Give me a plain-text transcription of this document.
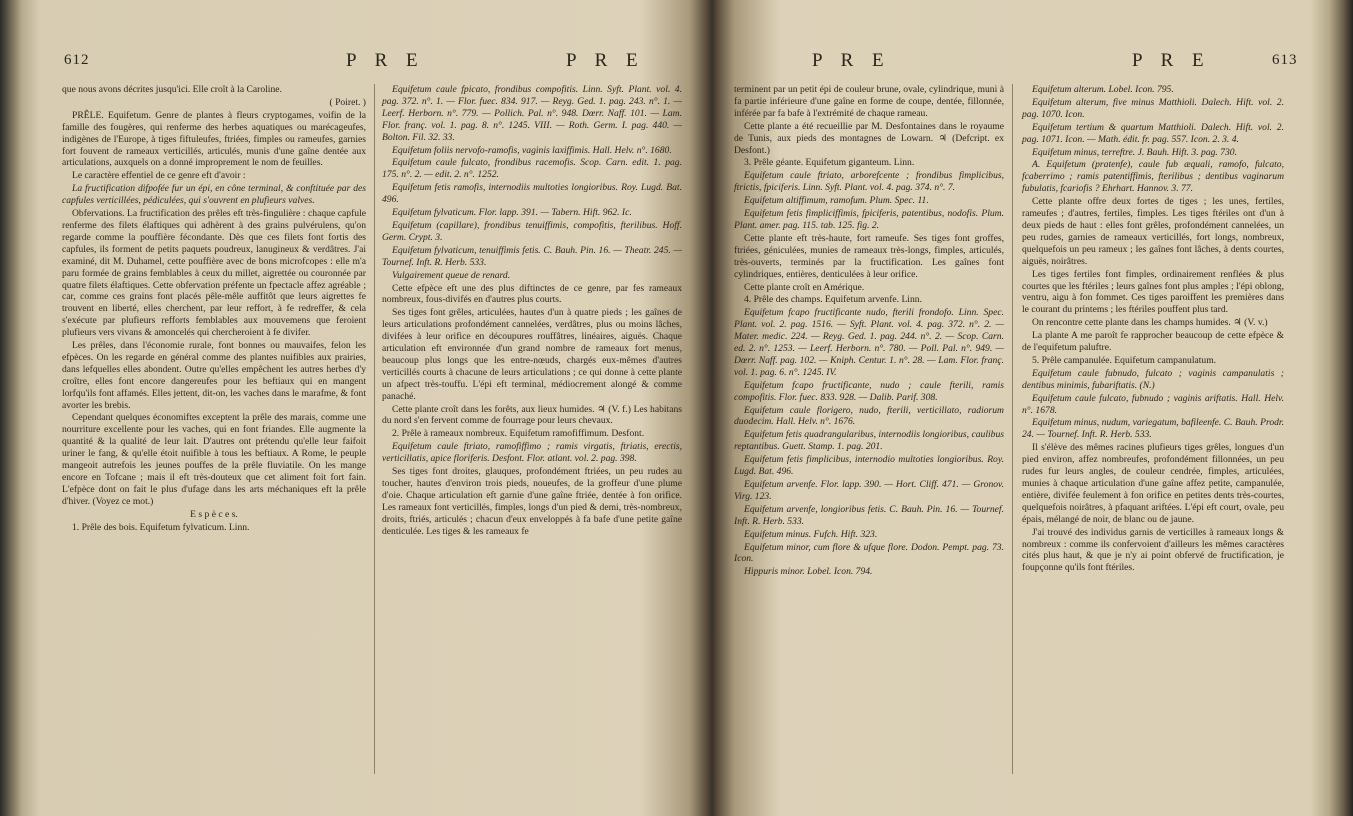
612	P R E	P R E

que nous avons décrites jusqu'ici. Elle croît à la Caroline.

( Poiret. )

PRÊLE. Equifetum. Genre de plantes à fleurs cryptogames, voifin de la famille des fougères, qui renferme des herbes aquatiques ou marécageufes, indigènes de l'Europe, à tiges fiftuleufes, ftriées, fimples ou rameufes, garnies fort fouvent de rameaux verticillés, articulés, munis d'une gaîne dentée aux articulations, auxquels on a donné improprement le nom de feuilles.

Le caractère effentiel de ce genre eft d'avoir :

La fructification difpofée fur un épi, en cône terminal, & conftituée par des capfules verticillées, pédiculées, qui s'ouvrent en plufieurs valves.

Obfervations. La fructification des prêles eft très-fingulière : chaque capfule renferme des filets élaftiques qui adhèrent à des grains pulvérulens, qu'on regarde comme la pouffière fécondante. Dès que ces filets font fortis des capfules, ils forment de petits paquets poudreux, lanugineux & verdâtres. J'ai examiné, dit M. Duhamel, cette pouffière avec de bons microfcopes : elle m'a paru formée de grains femblables à ceux du millet, aigrettée ou couronnée par quatre filets élaftiques. Cette obfervation préfente un fpectacle affez agréable ; car, comme ces grains font placés pêle-mêle auffitôt que leurs aigrettes fe trouvent en liberté, elles cherchent, par leur reffort, à fe redreffer, & cela s'exécute par plufieurs refforts femblables aux mouvemens que feroient plufieurs vers vivans & amoncelés qui chercheroient à fe divifer.

Les prêles, dans l'économie rurale, font bonnes ou mauvaifes, felon les efpèces. On les regarde en général comme des plantes nuifibles aux prairies, dans lefquelles elles abondent. Outre qu'elles empêchent les autres herbes d'y croître, elles font encore dangereufes pour les beftiaux qui en mangent lorfqu'ils font affamés. Elles jettent, dit-on, les vaches dans le marafme, & font avorter les brebis.

Cependant quelques économiftes exceptent la prêle des marais, comme une nourriture excellente pour les vaches, qui en font friandes. Elle augmente la quantité & la qualité de leur lait. D'autres ont prétendu qu'elle leur faifoit uriner le fang, & qu'elle étoit nuifible à tous les beftiaux. A Rome, le peuple mangeoit autrefois les jeunes pouffes de la prêle fluviatile. On les mange encore en Tofcane ; mais il eft très-douteux que cet aliment foit fort fain. L'efpèce dont on fait le plus d'ufage dans les arts méchaniques eft la prêle d'hiver. (Voyez ce mot.)

E s p è c e s.

1. Prêle des bois. Equifetum fylvaticum. Linn.

Equifetum caule fpicato, frondibus compofitis. Linn. Syft. Plant. vol. 4. pag. 372. n°. 1. — Flor. fuec. 834. 917. — Reyg. Ged. 1. pag. 243. n°. 1. — Leerf. Herborn. n°. 779. — Pollich. Pal. n°. 948. Dœrr. Naff. 101. — Lam. Flor. franç. vol. 1. pag. 8. n°. 1245. VIII. — Roth. Germ. I. pag. 440. — Bolton. Fil. 32. 33.

Equifetum foliis nervofo-ramofis, vaginis laxiffimis. Hall. Helv. n°. 1680.

Equifetum caule fulcato, frondibus racemofis. Scop. Carn. edit. 1. pag. 175. n°. 2. — edit. 2. n°. 1252.

Equifetum fetis ramofis, internodiis multoties longioribus. Roy. Lugd. Bat. 496.

Equifetum fylvaticum. Flor. lapp. 391. — Tabern. Hift. 962. Ic.

Equifetum (capillare), frondibus tenuiffimis, compofitis, fterilibus. Hoff. Germ. Crypt. 3.

Equifetum fylvaticum, tenuiffimis fetis. C. Bauh. Pin. 16. — Theatr. 245. — Tournef. Inft. R. Herb. 533.

Vulgairement queue de renard.

Cette efpèce eft une des plus diftinctes de ce genre, par fes rameaux nombreux, fous-divifés en d'autres plus courts.

Ses tiges font grêles, articulées, hautes d'un à quatre pieds ; les gaînes de leurs articulations profondément cannelées, verdâtres, plus ou moins lâches, divifées à leur orifice en découpures rouffâtres, linéaires, aiguës. Chaque articulation eft environnée d'un grand nombre de rameaux fort menus, beaucoup plus longs que les entre-nœuds, chargés eux-mêmes d'autres verticillés courts à chacune de leurs articulations ; ce qui donne à cette plante un afpect très-touffu. L'épi eft terminal, médiocrement alongé & comme panaché.

Cette plante croît dans les forêts, aux lieux humides. ♃ (V. f.) Les habitans du nord s'en fervent comme de fourrage pour leurs chevaux.

2. Prêle à rameaux nombreux. Equifetum ramofiffimum. Desfont.

Equifetum caule ftriato, ramofiffimo ; ramis virgatis, ftriatis, erectis, verticillatis, apice floriferis. Desfont. Flor. atlant. vol. 2. pag. 398.

Ses tiges font droites, glauques, profondément ftriées, un peu rudes au toucher, hautes d'environ trois pieds, noueufes, de la groffeur d'une plume d'oie. Chaque articulation eft garnie d'une gaîne ftriée, dentée à fon orifice. Les rameaux font verticillés, fimples, longs d'un pied & demi, très-nombreux, droits, ftriés, articulés ; chacun d'eux enveloppés à fa bafe d'une petite gaîne denticulée. Les tiges & les rameaux fe

P R E	P R E	613

terminent par un petit épi de couleur brune, ovale, cylindrique, muni à fa partie inférieure d'une gaîne en forme de coupe, dentée, fillonnée, inférée par fa bafe à l'extrémité de chaque rameau.

Cette plante a été recueillie par M. Desfontaines dans le royaume de Tunis, aux pieds des montagnes de Lowarn. ♃ (Defcript. ex Desfont.)

3. Prêle géante. Equifetum giganteum. Linn.

Equifetum caule ftriato, arborefcente ; frondibus fimplicibus, ftrictis, fpiciferis. Linn. Syft. Plant. vol. 4. pag. 374. n°. 7.

Equifetum altiffimum, ramofum. Plum. Spec. 11.

Equifetum fetis fimpliciffimis, fpiciferis, patentibus, nodofis. Plum. Plant. amer. pag. 115. tab. 125. fig. 2.

Cette plante eft très-haute, fort rameufe. Ses tiges font groffes, ftriées, géniculées, munies de rameaux très-longs, fimples, articulés, très-ouverts, terminés par la fructification. Les gaînes font cylindriques, entières, denticulées à leur orifice.

Cette plante croît en Amérique.

4. Prêle des champs. Equifetum arvenfe. Linn.

Equifetum fcapo fructificante nudo, fterili frondofo. Linn. Spec. Plant. vol. 2. pag. 1516. — Syft. Plant. vol. 4. pag. 372. n°. 2. — Mater. medic. 224. — Reyg. Ged. 1. pag. 244. n°. 2. — Scop. Carn. ed. 2. n°. 1253. — Leerf. Herborn. n°. 780. — Poll. Pal. n°. 949. — Dœrr. Naff. pag. 102. — Kniph. Centur. 1. n°. 28. — Lam. Flor. franç. vol. 1. pag. 6. n°. 1245. IV.

Equifetum fcapo fructificante, nudo ; caule fterili, ramis compofitis. Flor. fuec. 833. 928. — Dalib. Parif. 308.

Equifetum caule florigero, nudo, fterili, verticillato, radiorum duodecim. Hall. Helv. n°. 1676.

Equifetum fetis quadrangularibus, internodiis longioribus, caulibus reptantibus. Guett. Stamp. 1. pag. 201.

Equifetum fetis fimplicibus, internodio multoties longioribus. Roy. Lugd. Bat. 496.

Equifetum arvenfe. Flor. lapp. 390. — Hort. Cliff. 471. — Gronov. Virg. 123.

Equifetum arvenfe, longioribus fetis. C. Bauh. Pin. 16. — Tournef. Inft. R. Herb. 533.

Equifetum minus. Fufch. Hift. 323.

Equifetum minor, cum flore & ufque flore. Dodon. Pempt. pag. 73. Icon.

Hippuris minor. Lobel. Icon. 794.

Equifetum alterum. Lobel. Icon. 795.

Equifetum alterum, five minus Matthioli. Dalech. Hift. vol. 2. pag. 1070. Icon.

Equifetum tertium & quartum Matthioli. Dalech. Hift. vol. 2. pag. 1071. Icon. — Math. édit. fr. pag. 557. Icon. 2. 3. 4.

Equifetum minus, terreftre. J. Bauh. Hift. 3. pag. 730.

A. Equifetum (pratenfe), caule fub æquali, ramofo, fulcato, fcaberrimo ; ramis patentiffimis, fterilibus ; dentibus vaginarum fubulatis, fcariofis ? Ehrhart. Hannov. 3. 77.

Cette plante offre deux fortes de tiges ; les unes, fertiles, rameufes ; d'autres, fertiles, fimples. Les tiges ftériles ont d'un à deux pieds de haut : elles font grêles, profondément cannelées, un peu rudes, garnies de rameaux verticillés, fort longs, nombreux, quelquefois un peu rameux ; les gaînes font lâches, à dents courtes, aiguës, noirâtres.

Les tiges fertiles font fimples, ordinairement renflées & plus courtes que les ftériles ; leurs gaînes font plus amples ; l'épi oblong, ventru, aigu à fon fommet. Ces tiges paroiffent les premières dans le courant du printems ; les ftériles pouffent plus tard.

On rencontre cette plante dans les champs humides. ♃ (V. v.)

La plante A me paroît fe rapprocher beaucoup de cette efpèce & de l'equifetum paluftre.

5. Prêle campanulée. Equifetum campanulatum.

Equifetum caule fubnudo, fulcato ; vaginis campanulatis ; dentibus minimis, fubariftatis. (N.)

Equifetum caule fulcato, fubnudo ; vaginis ariftatis. Hall. Helv. n°. 1678.

Equifetum minus, nudum, variegatum, bafileenfe. C. Bauh. Prodr. 24. — Tournef. Inft. R. Herb. 533.

Il s'élève des mêmes racines plufieurs tiges grêles, longues d'un pied environ, affez nombreufes, profondément fillonnées, un peu rudes fur leurs angles, de couleur cendrée, fimples, articulées, munies à chaque articulation d'une gaîne affez petite, campanulée, entière, divifée feulement à fon orifice en petites dents très-courtes, quelquefois noirâtres, à pfaquant ariftées. L'épi eft court, ovale, peu épais, mélangé de noir, de blanc ou de jaune.

J'ai trouvé des individus garnis de verticilles à rameaux longs & nombreux : comme ils confervoient d'ailleurs les mêmes caractères cités plus haut, & que je n'y ai point obfervé de fructification, je foupçonne qu'ils font ftériles.
